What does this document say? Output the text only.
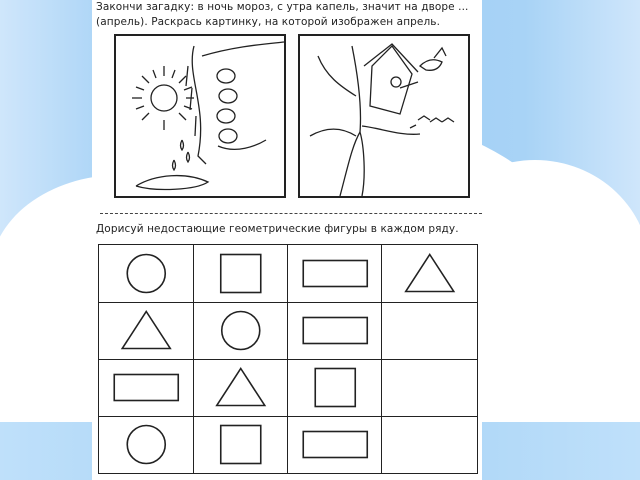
Закончи загадку: в ночь мороз, с утра капель, значит на дворе ...
(апрель). Раскрась картинку, на которой изображен апрель.
Дорисуй недостающие геометрические фигуры в каждом ряду.
